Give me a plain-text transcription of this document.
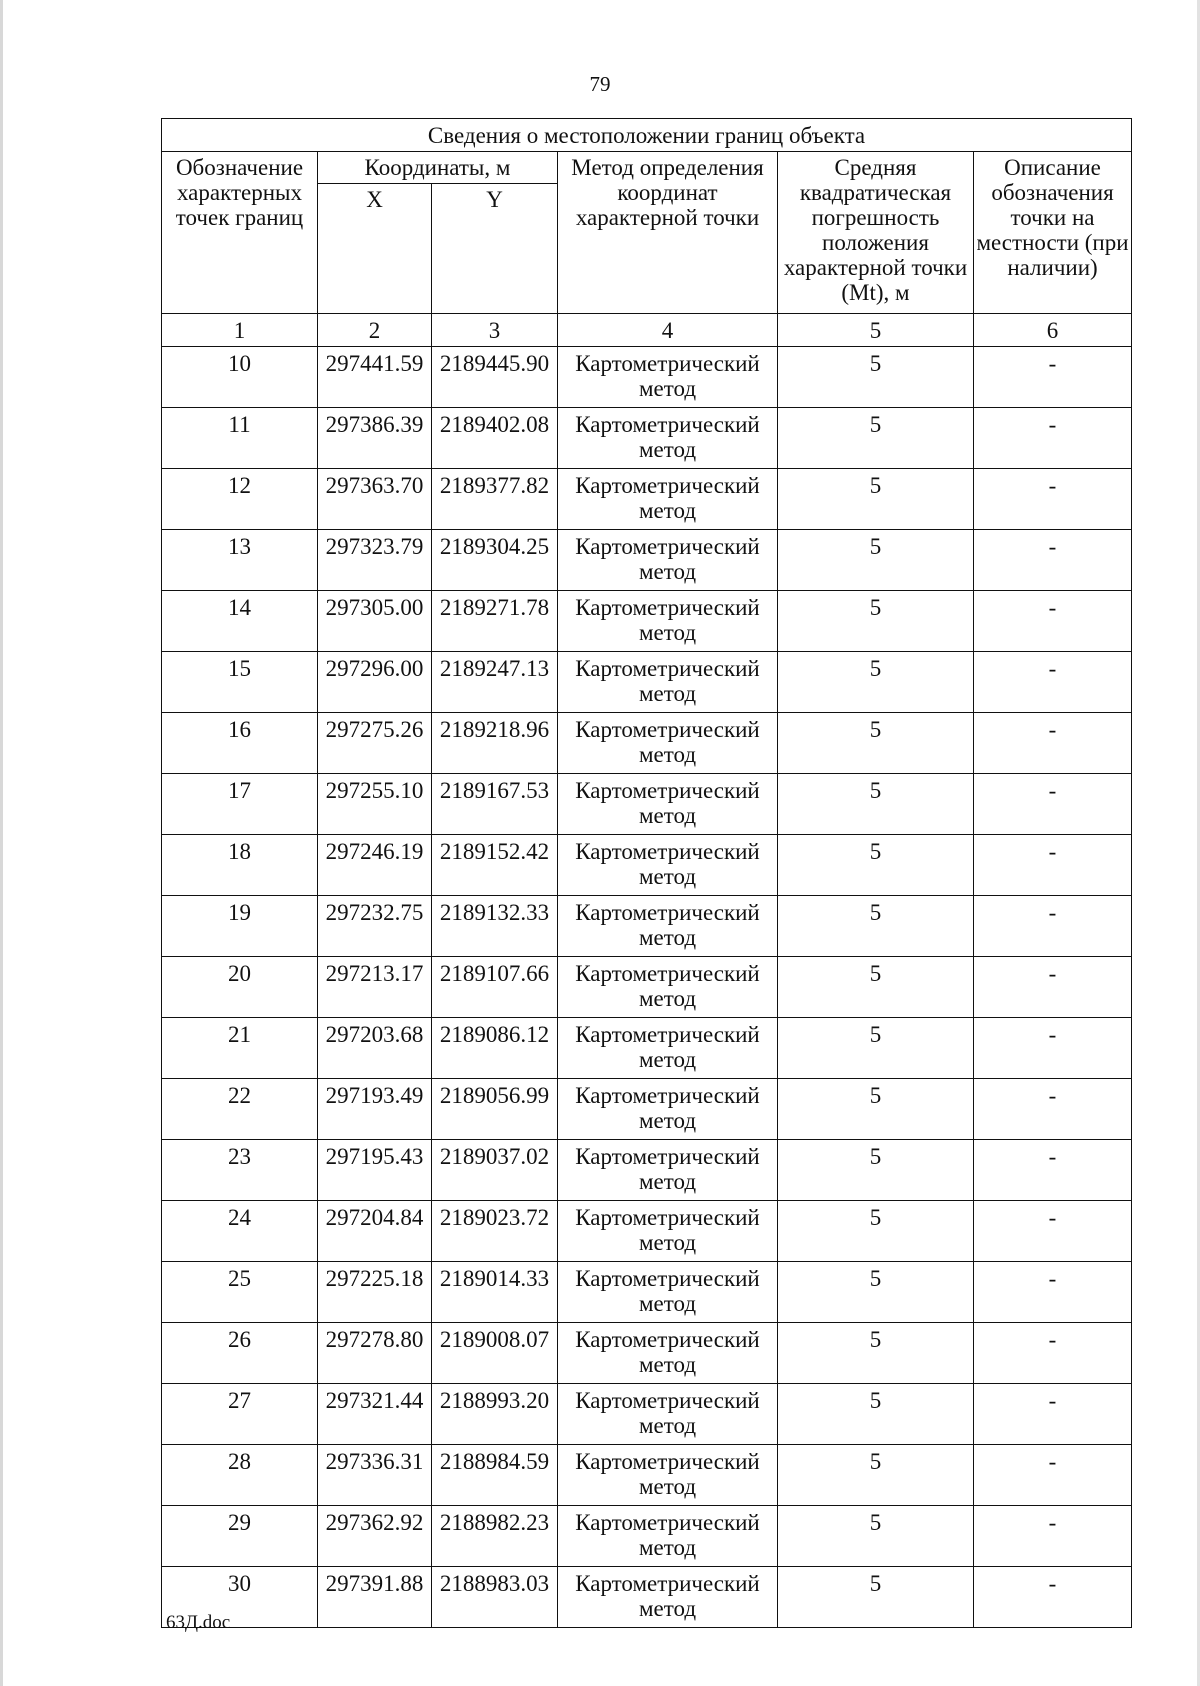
79
Сведения о местоположении границ объекта					
Обозначение характерных точек границ	Координаты, м		Метод определения координат характерной точки	Средняя квадратическая погрешность положения характерной точки (Mt), м	Описание обозначения точки на местности (при наличии)
	X	Y			
1	2	3	4	5	6
10	297441.59	2189445.90	Картометрический метод	5	-
11	297386.39	2189402.08	Картометрический метод	5	-
12	297363.70	2189377.82	Картометрический метод	5	-
13	297323.79	2189304.25	Картометрический метод	5	-
14	297305.00	2189271.78	Картометрический метод	5	-
15	297296.00	2189247.13	Картометрический метод	5	-
16	297275.26	2189218.96	Картометрический метод	5	-
17	297255.10	2189167.53	Картометрический метод	5	-
18	297246.19	2189152.42	Картометрический метод	5	-
19	297232.75	2189132.33	Картометрический метод	5	-
20	297213.17	2189107.66	Картометрический метод	5	-
21	297203.68	2189086.12	Картометрический метод	5	-
22	297193.49	2189056.99	Картометрический метод	5	-
23	297195.43	2189037.02	Картометрический метод	5	-
24	297204.84	2189023.72	Картометрический метод	5	-
25	297225.18	2189014.33	Картометрический метод	5	-
26	297278.80	2189008.07	Картометрический метод	5	-
27	297321.44	2188993.20	Картометрический метод	5	-
28	297336.31	2188984.59	Картометрический метод	5	-
29	297362.92	2188982.23	Картометрический метод	5	-
30	297391.88	2188983.03	Картометрический метод	5	-
63Д.doc
